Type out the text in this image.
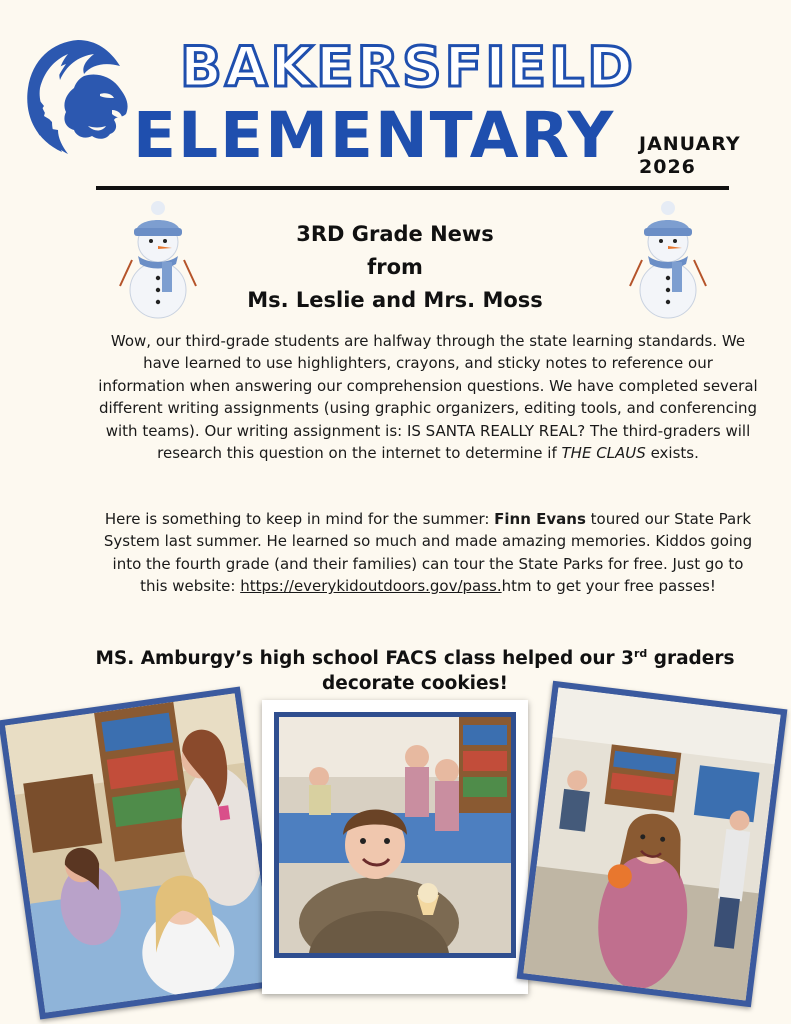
BAKERSFIELD
ELEMENTARY JANUARY
2026
3RD Grade News
from
Ms. Leslie and Mrs. Moss
Wow, our third-grade students are halfway through the state learning standards. We have learned to use highlighters, crayons, and sticky notes to reference our information when answering our comprehension questions. We have completed several different writing assignments (using graphic organizers, editing tools, and conferencing with teams). Our writing assignment is: IS SANTA REALLY REAL? The third-graders will research this question on the internet to determine if THE CLAUS exists.
Here is something to keep in mind for the summer: Finn Evans toured our State Park System last summer. He learned so much and made amazing memories. Kiddos going into the fourth grade (and their families) can tour the State Parks for free. Just go to this website: https://everykidoutdoors.gov/pass.htm to get your free passes!
MS. Amburgy’s high school FACS class helped our 3rd graders decorate cookies!
